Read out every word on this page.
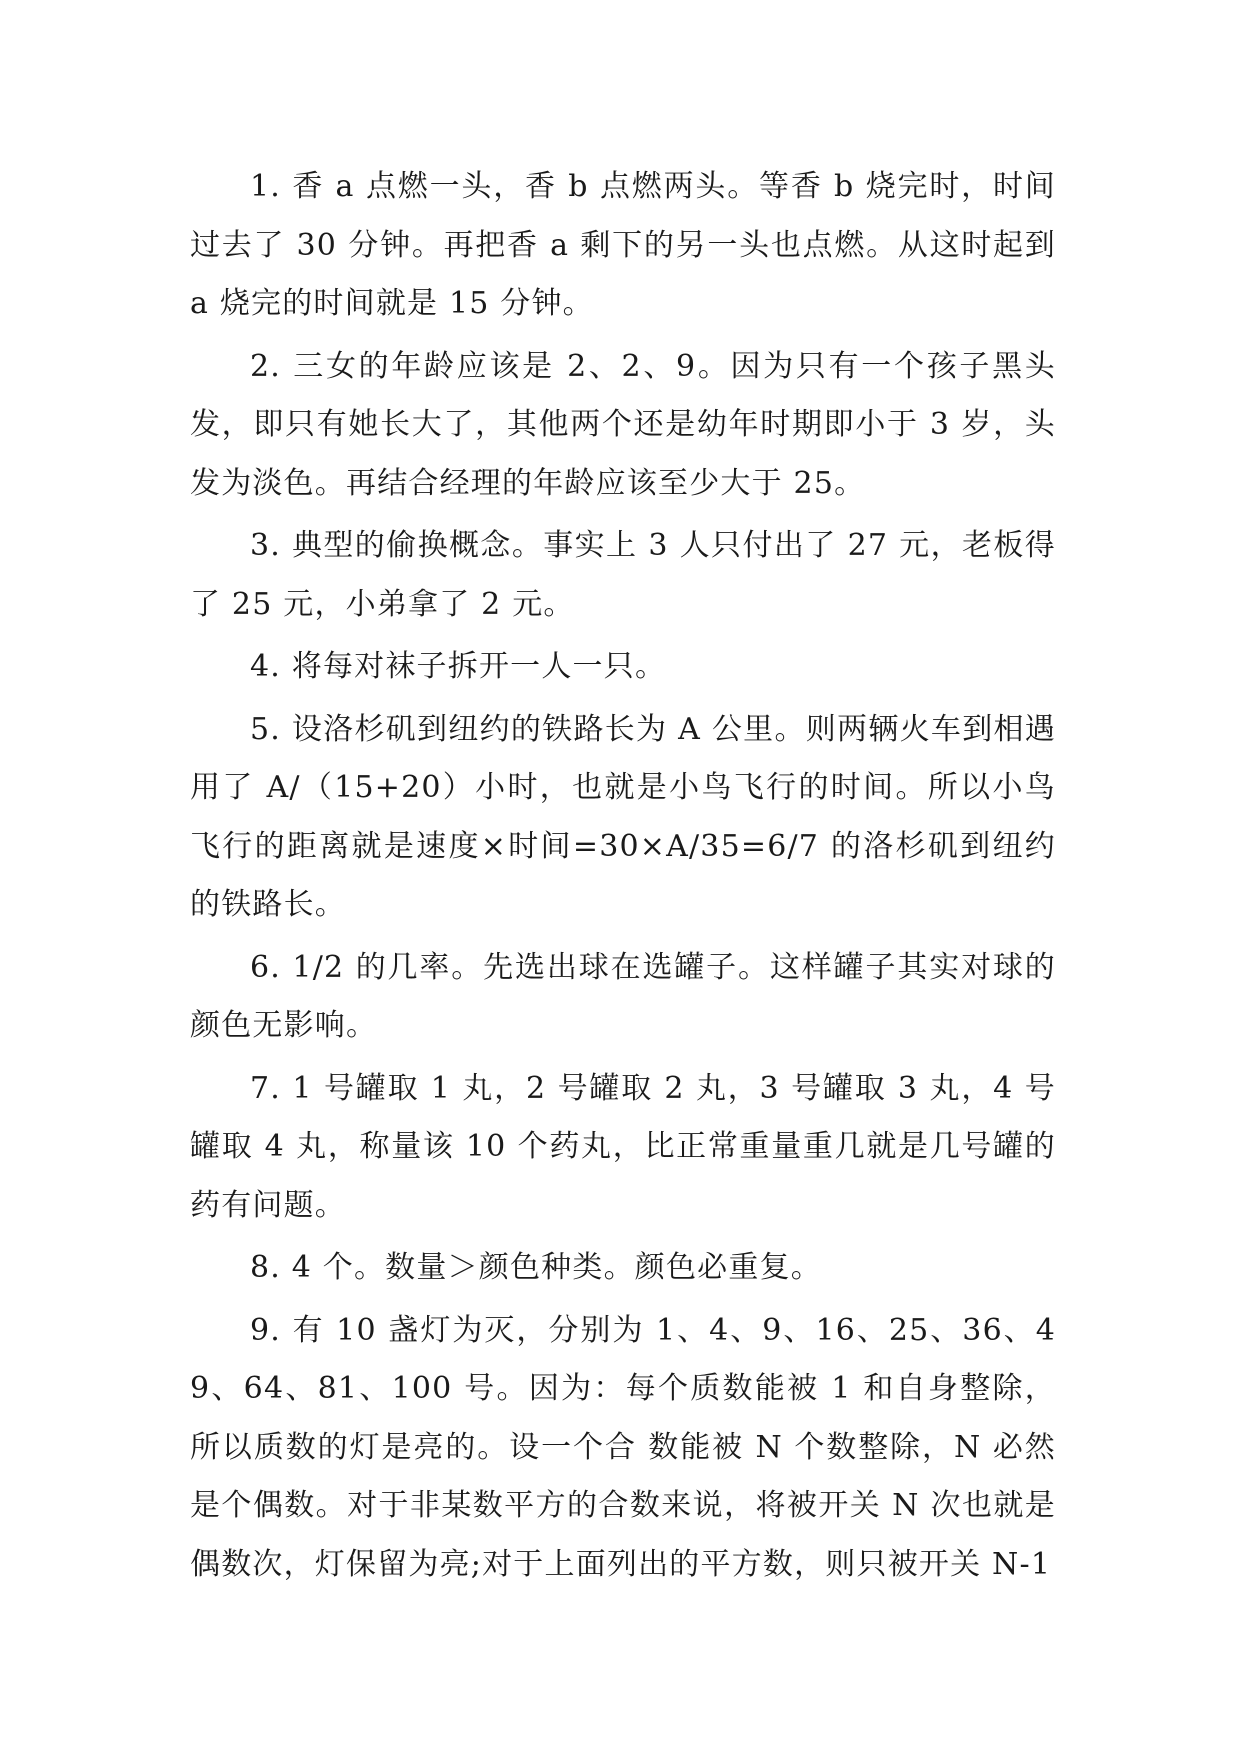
1. 香 a 点燃一头，香 b 点燃两头。等香 b 烧完时，时间过去了 30 分钟。再把香 a 剩下的另一头也点燃。从这时起到 a 烧完的时间就是 15 分钟。

2. 三女的年龄应该是 2、2、9。因为只有一个孩子黑头发，即只有她长大了，其他两个还是幼年时期即小于 3 岁，头发为淡色。再结合经理的年龄应该至少大于 25。

3. 典型的偷换概念。事实上 3 人只付出了 27 元，老板得了 25 元，小弟拿了 2 元。

4. 将每对袜子拆开一人一只。

5. 设洛杉矶到纽约的铁路长为 A 公里。则两辆火车到相遇用了 A/（15+20）小时，也就是小鸟飞行的时间。所以小鸟飞行的距离就是速度×时间=30×A/35=6/7 的洛杉矶到纽约的铁路长。

6. 1/2 的几率。先选出球在选罐子。这样罐子其实对球的颜色无影响。

7. 1 号罐取 1 丸，2 号罐取 2 丸，3 号罐取 3 丸，4 号罐取 4 丸，称量该 10 个药丸，比正常重量重几就是几号罐的药有问题。

8. 4 个。数量＞颜色种类。颜色必重复。

9. 有 10 盏灯为灭，分别为 1、4、9、16、25、36、49、64、81、100 号。因为：每个质数能被 1 和自身整除，所以质数的灯是亮的。设一个合 数能被 N 个数整除，N 必然是个偶数。对于非某数平方的合数来说，将被开关 N 次也就是偶数次，灯保留为亮;对于上面列出的平方数，则只被开关 N-1
